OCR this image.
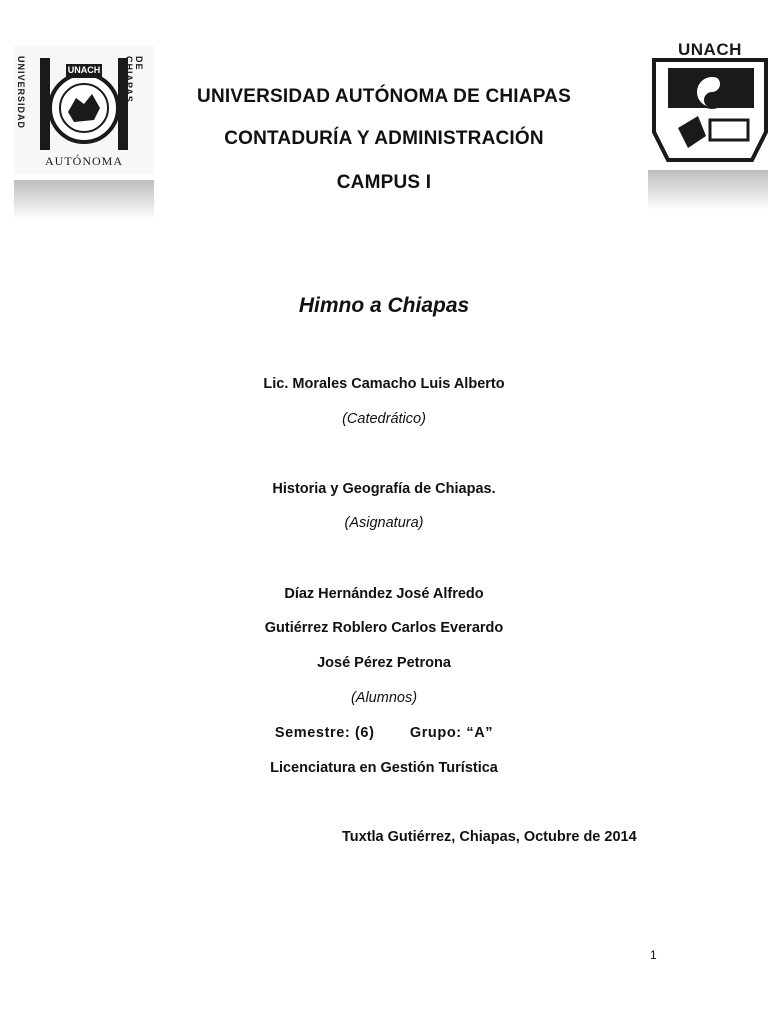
UNIVERSIDAD	DE CHIAPAS
UNACH
AUTÓNOMA
UNACH
UNIVERSIDAD AUTÓNOMA DE CHIAPAS
CONTADURÍA Y ADMINISTRACIÓN
CAMPUS I
Himno a Chiapas
Lic. Morales Camacho Luis Alberto
(Catedrático)
Historia y Geografía de Chiapas.
(Asignatura)
Díaz Hernández José Alfredo
Gutiérrez Roblero Carlos Everardo
José Pérez Petrona
(Alumnos)
Semestre: (6) Grupo: “A”
Licenciatura en Gestión Turística
Tuxtla Gutiérrez, Chiapas, Octubre de 2014
1
